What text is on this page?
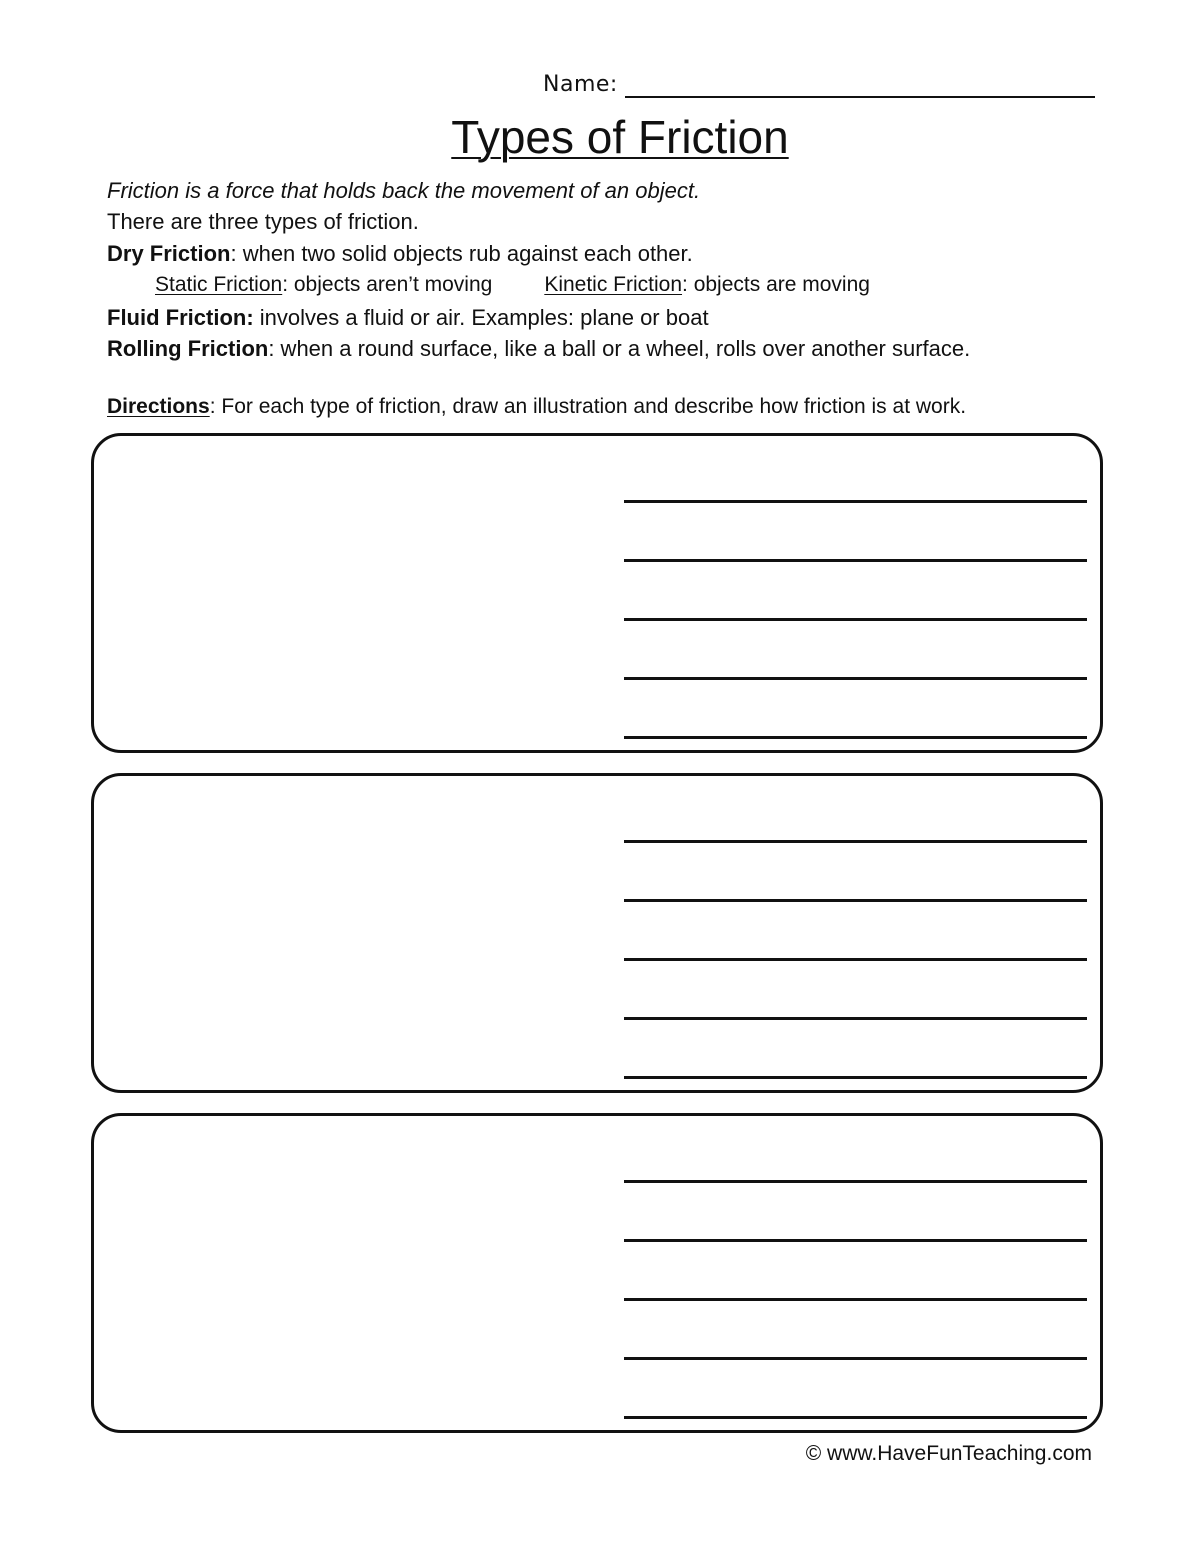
Name:
Types of Friction
Friction is a force that holds back the movement of an object.
There are three types of friction.
Dry Friction: when two solid objects rub against each other.
Static Friction: objects aren’t moving Kinetic Friction: objects are moving
Fluid Friction: involves a fluid or air. Examples: plane or boat
Rolling Friction: when a round surface, like a ball or a wheel, rolls over another surface.
Directions: For each type of friction, draw an illustration and describe how friction is at work.
© www.HaveFunTeaching.com
